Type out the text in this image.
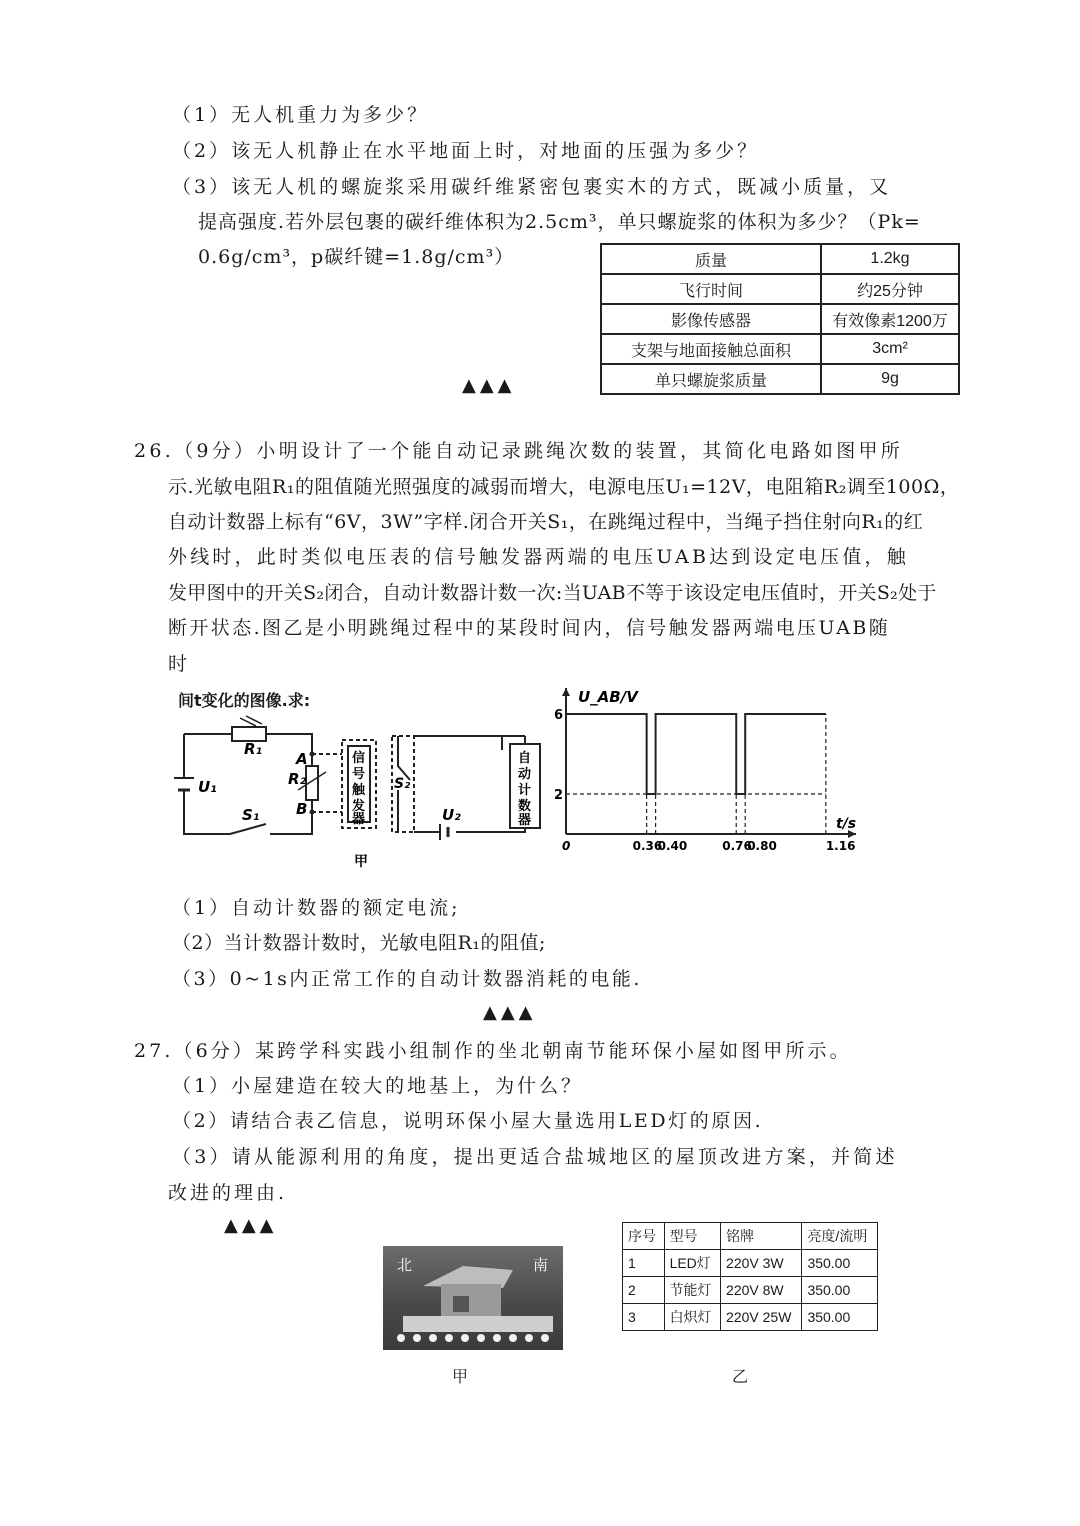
（1）无人机重力为多少？
（2）该无人机静止在水平地面上时，对地面的压强为多少？
（3）该无人机的螺旋浆采用碳纤维紧密包裹实木的方式，既减小质量，又
提高强度.若外层包裹的碳纤维体积为2.5cm³，单只螺旋浆的体积为多少？（Pk=
0.6g/cm³，p碳纤键=1.8g/cm³）
▲▲▲
质量	1.2kg
飞行时间	约25分钟
影像传感器	有效像素1200万
支架与地面接触总面积	3cm²
单只螺旋浆质量	9g
26.（9分）小明设计了一个能自动记录跳绳次数的装置，其简化电路如图甲所
示.光敏电阻R₁的阻值随光照强度的减弱而增大，电源电压U₁=12V，电阻箱R₂调至100Ω，
自动计数器上标有“6V，3W”字样.闭合开关S₁，在跳绳过程中，当绳子挡住射向R₁的红
外线时，此时类似电压表的信号触发器两端的电压UAB达到设定电压值，触
发甲图中的开关S₂闭合，自动计数器计数一次:当UAB不等于该设定电压值时，开关S₂处于
断开状态.图乙是小明跳绳过程中的某段时间内，信号触发器两端电压UAB随
时
间t变化的图像.求:
R₁
A
R₂
B
U₁
S₁
S₂
U₂
信
号
触
发
器
自
动
计
数
器
甲
0.36
0.40	0.76
0.80	1.16
6
2
0
U_AB/V
t/s
（1）自动计数器的额定电流;
（2）当计数器计数时，光敏电阻R₁的阻值;
（3）0~1s内正常工作的自动计数器消耗的电能.
▲▲▲
27.（6分）某跨学科实践小组制作的坐北朝南节能环保小屋如图甲所示。
（1）小屋建造在较大的地基上，为什么？
（2）请结合表乙信息，说明环保小屋大量选用LED灯的原因.
（3）请从能源利用的角度，提出更适合盐城地区的屋顶改进方案，并简述
改进的理由.
▲▲▲
北	南
甲
序号	型号	铭牌	亮度/流明
1	LED灯	220V 3W	350.00
2	节能灯	220V 8W	350.00
3	白炽灯	220V 25W	350.00
乙
